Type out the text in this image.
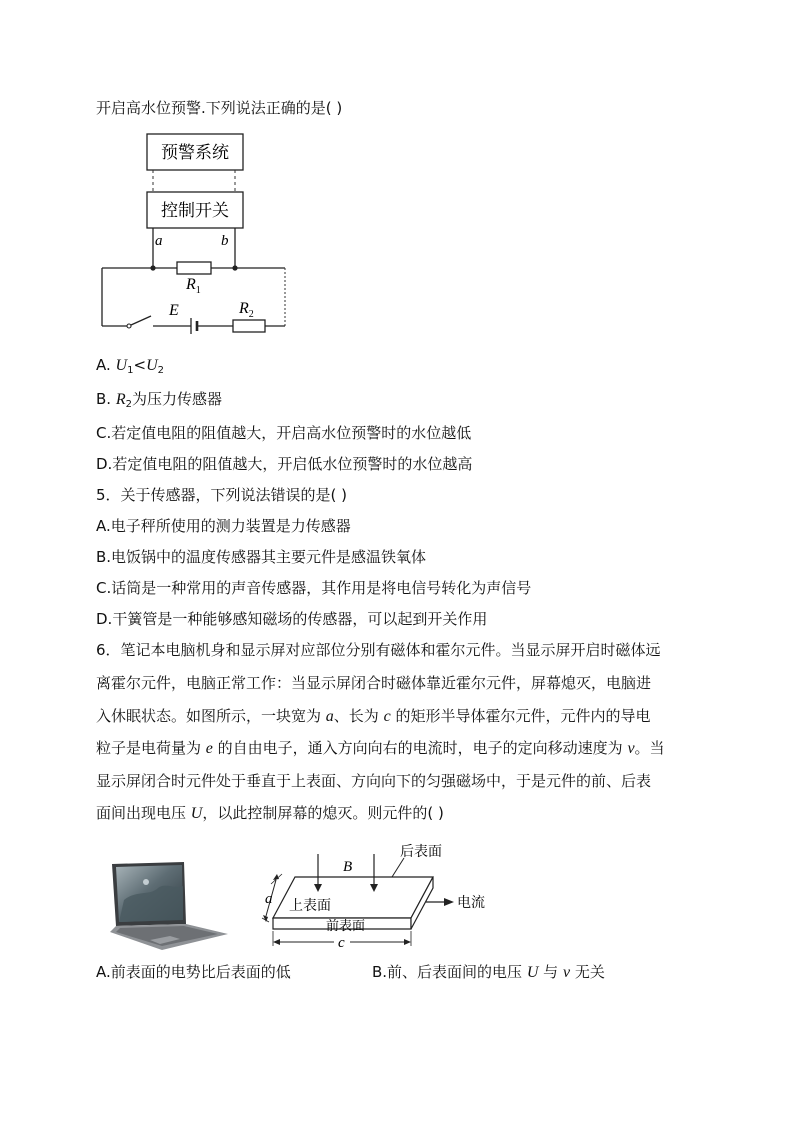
开启高水位预警.下列说法正确的是( )
预警系统
控制开关
a	b
$R_1$
E	$R_2$
A. $U_1<U_2$
B. $R_2$为压力传感器
C.若定值电阻的阻值越大，开启高水位预警时的水位越低
D.若定值电阻的阻值越大，开启低水位预警时的水位越高
5．关于传感器，下列说法错误的是( )
A.电子秤所使用的测力装置是力传感器
B.电饭锅中的温度传感器其主要元件是感温铁氧体
C.话筒是一种常用的声音传感器，其作用是将电信号转化为声信号
D.干簧管是一种能够感知磁场的传感器，可以起到开关作用
6．笔记本电脑机身和显示屏对应部位分别有磁体和霍尔元件。当显示屏开启时磁体远
离霍尔元件，电脑正常工作：当显示屏闭合时磁体靠近霍尔元件，屏幕熄灭，电脑进
入休眠状态。如图所示，一块宽为 a、长为 c 的矩形半导体霍尔元件，元件内的导电
粒子是电荷量为 e 的自由电子，通入方向向右的电流时，电子的定向移动速度为 v。当
显示屏闭合时元件处于垂直于上表面、方向向下的匀强磁场中，于是元件的前、后表
面间出现电压 U，以此控制屏幕的熄灭。则元件的( )
B
后表面
上表面	电流
前表面
a
c
A.前表面的电势比后表面的低	B.前、后表面间的电压 U 与 v 无关
